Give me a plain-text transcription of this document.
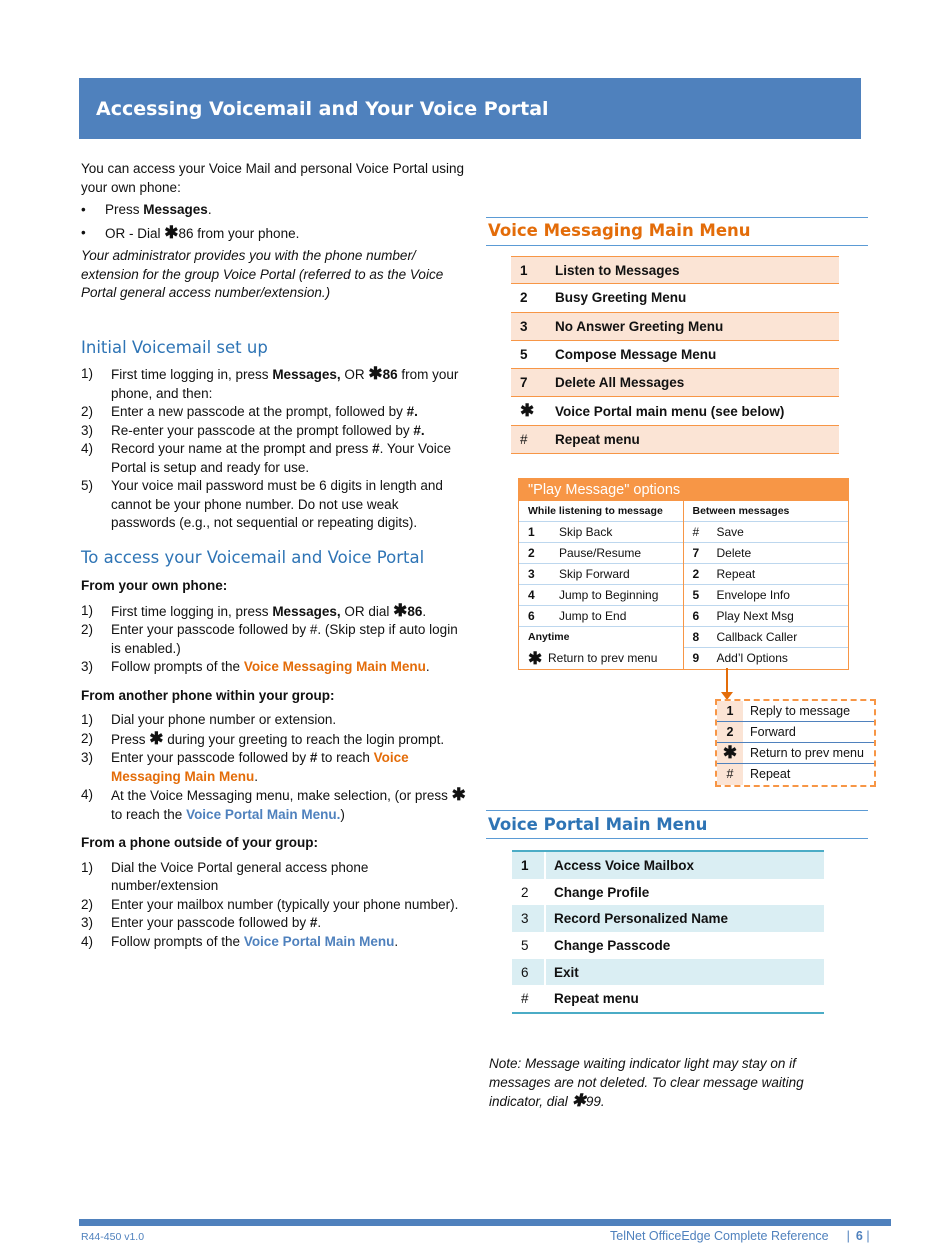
Accessing Voicemail and Your Voice Portal

You can access your Voice Mail and personal Voice Portal using your own phone:

• Press Messages.
• OR - Dial ✱86 from your phone.

Your administrator provides you with the phone number/ extension for the group Voice Portal (referred to as the Voice Portal general access number/extension.)

Initial Voicemail set up
1) First time logging in, press Messages, OR ✱86 from your phone, and then:
2) Enter a new passcode at the prompt, followed by #.
3) Re-enter your passcode at the prompt followed by #.
4) Record your name at the prompt and press #. Your Voice Portal is setup and ready for use.
5) Your voice mail password must be 6 digits in length and cannot be your phone number. Do not use weak passwords (e.g., not sequential or repeating digits).
To access your Voicemail and Voice Portal
From your own phone:
1) First time logging in, press Messages, OR dial ✱86.
2) Enter your passcode followed by #. (Skip step if auto login is enabled.)
3) Follow prompts of the Voice Messaging Main Menu.
From another phone within your group:
1) Dial your phone number or extension.
2) Press ✱ during your greeting to reach the login prompt.
3) Enter your passcode followed by # to reach Voice Messaging Main Menu.
4) At the Voice Messaging menu, make selection, (or press ✱ to reach the Voice Portal Main Menu.)
From a phone outside of your group:
1) Dial the Voice Portal general access phone number/extension
2) Enter your mailbox number (typically your phone number).
3) Enter your passcode followed by #.
4) Follow prompts of the Voice Portal Main Menu.
Voice Messaging Main Menu
1	Listen to Messages
2	Busy Greeting Menu
3	No Answer Greeting Menu
5	Compose Message Menu
7	Delete All Messages
✱	Voice Portal main menu (see below)
#	Repeat menu
"Play Message" options
While listening to message
1	Skip Back
2	Pause/Resume
3	Skip Forward
4	Jump to Beginning
6	Jump to End
Anytime
✱ Return to prev menu
Between messages
#	Save
7	Delete
2	Repeat
5	Envelope Info
6	Play Next Msg
8	Callback Caller
9	Add’l Options
1	Reply to message
2	Forward
✱	Return to prev menu
#	Repeat
Voice Portal Main Menu
1	Access Voice Mailbox
2	Change Profile
3	Record Personalized Name
5	Change Passcode
6	Exit
#	Repeat menu
Note: Message waiting indicator light may stay on if messages are not deleted. To clear message waiting indicator, dial ✱99.
R44-450 v1.0	TelNet OfficeEdge Complete Reference | 6 |
